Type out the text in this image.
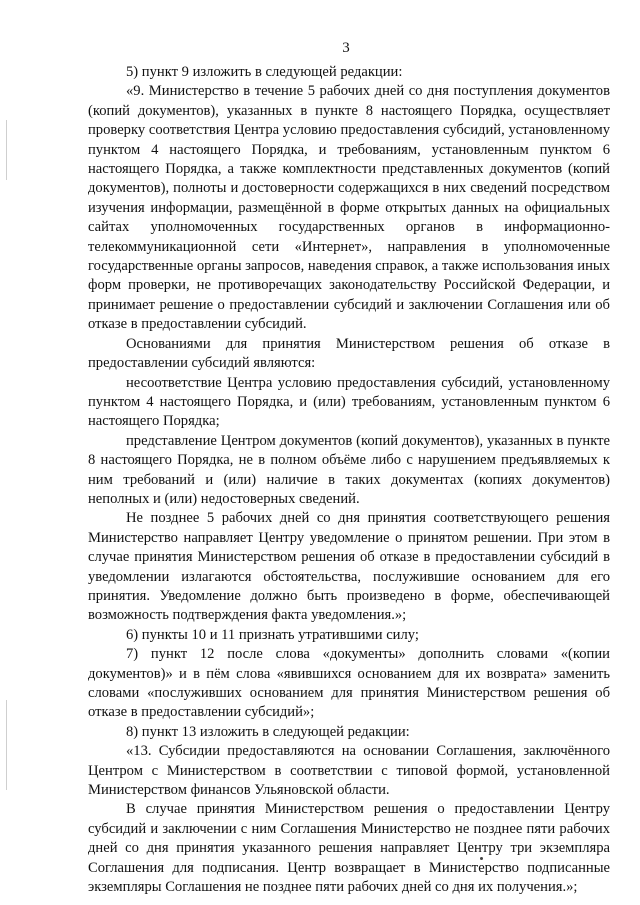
3

5) пункт 9 изложить в следующей редакции:

«9. Министерство в течение 5 рабочих дней со дня поступления документов (копий документов), указанных в пункте 8 настоящего Порядка, осуществляет проверку соответствия Центра условию предоставления субсидий, установленному пунктом 4 настоящего Порядка, и требованиям, установленным пунктом 6 настоящего Порядка, а также комплектности представленных документов (копий документов), полноты и достоверности содержащихся в них сведений посредством изучения информации, размещённой в форме открытых данных на официальных сайтах уполномоченных государственных органов в информационно-телекоммуникационной сети «Интернет», направления в уполномоченные государственные органы запросов, наведения справок, а также использования иных форм проверки, не противоречащих законодательству Российской Федерации, и принимает решение о предоставлении субсидий и заключении Соглашения или об отказе в предоставлении субсидий.

Основаниями для принятия Министерством решения об отказе в предоставлении субсидий являются:

несоответствие Центра условию предоставления субсидий, установленному пунктом 4 настоящего Порядка, и (или) требованиям, установленным пунктом 6 настоящего Порядка;

представление Центром документов (копий документов), указанных в пункте 8 настоящего Порядка, не в полном объёме либо с нарушением предъявляемых к ним требований и (или) наличие в таких документах (копиях документов) неполных и (или) недостоверных сведений.

Не позднее 5 рабочих дней со дня принятия соответствующего решения Министерство направляет Центру уведомление о принятом решении. При этом в случае принятия Министерством решения об отказе в предоставлении субсидий в уведомлении излагаются обстоятельства, послужившие основанием для его принятия. Уведомление должно быть произведено в форме, обеспечивающей возможность подтверждения факта уведомления.»;

6) пункты 10 и 11 признать утратившими силу;

7) пункт 12 после слова «документы» дополнить словами «(копии документов)» и в пём слова «явившихся основанием для их возврата» заменить словами «послуживших основанием для принятия Министерством решения об отказе в предоставлении субсидий»;

8) пункт 13 изложить в следующей редакции:

«13. Субсидии предоставляются на основании Соглашения, заключённого Центром с Министерством в соответствии с типовой формой, установленной Министерством финансов Ульяновской области.

В случае принятия Министерством решения о предоставлении Центру субсидий и заключении с ним Соглашения Министерство не позднее пяти рабочих дней со дня принятия указанного решения направляет Центру три экземпляра Соглашения для подписания. Центр возвращает в Министерство подписанные экземпляры Соглашения не позднее пяти рабочих дней со дня их получения.»;
